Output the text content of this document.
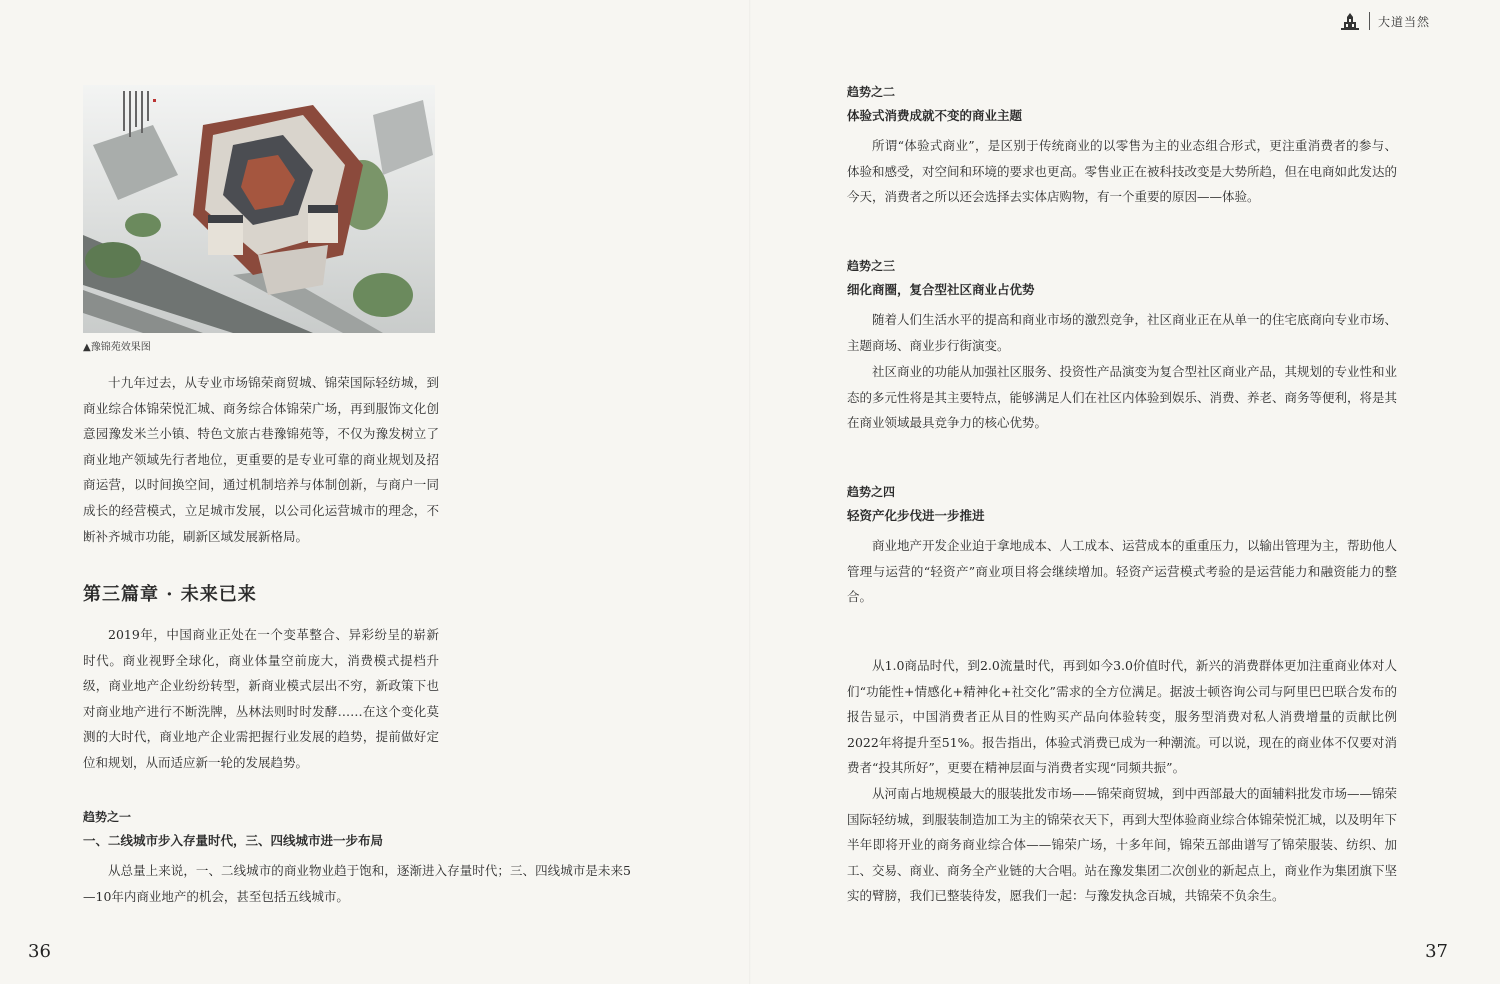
大道当然
▲豫锦苑效果图
十九年过去，从专业市场锦荣商贸城、锦荣国际轻纺城，到商业综合体锦荣悦汇城、商务综合体锦荣广场，再到服饰文化创意园豫发米兰小镇、特色文旅古巷豫锦苑等，不仅为豫发树立了商业地产领域先行者地位，更重要的是专业可靠的商业规划及招商运营，以时间换空间，通过机制培养与体制创新，与商户一同成长的经营模式，立足城市发展，以公司化运营城市的理念，不断补齐城市功能，刷新区域发展新格局。
第三篇章 · 未来已来
2019年，中国商业正处在一个变革整合、异彩纷呈的崭新时代。商业视野全球化，商业体量空前庞大，消费模式提档升级，商业地产企业纷纷转型，新商业模式层出不穷，新政策下也对商业地产进行不断洗牌，丛林法则时时发酵……在这个变化莫测的大时代，商业地产企业需把握行业发展的趋势，提前做好定位和规划，从而适应新一轮的发展趋势。
趋势之一
一、二线城市步入存量时代，三、四线城市进一步布局
从总量上来说，一、二线城市的商业物业趋于饱和，逐渐进入存量时代；三、四线城市是未来5—10年内商业地产的机会，甚至包括五线城市。
36
趋势之二
体验式消费成就不变的商业主题
所谓“体验式商业”，是区别于传统商业的以零售为主的业态组合形式，更注重消费者的参与、体验和感受，对空间和环境的要求也更高。零售业正在被科技改变是大势所趋，但在电商如此发达的今天，消费者之所以还会选择去实体店购物，有一个重要的原因——体验。
趋势之三
细化商圈，复合型社区商业占优势
随着人们生活水平的提高和商业市场的激烈竞争，社区商业正在从单一的住宅底商向专业市场、主题商场、商业步行街演变。
社区商业的功能从加强社区服务、投资性产品演变为复合型社区商业产品，其规划的专业性和业态的多元性将是其主要特点，能够满足人们在社区内体验到娱乐、消费、养老、商务等便利，将是其在商业领域最具竞争力的核心优势。
趋势之四
轻资产化步伐进一步推进
商业地产开发企业迫于拿地成本、人工成本、运营成本的重重压力，以输出管理为主，帮助他人管理与运营的“轻资产”商业项目将会继续增加。轻资产运营模式考验的是运营能力和融资能力的整合。
从1.0商品时代，到2.0流量时代，再到如今3.0价值时代，新兴的消费群体更加注重商业体对人们“功能性+情感化+精神化+社交化”需求的全方位满足。据波士顿咨询公司与阿里巴巴联合发布的报告显示，中国消费者正从目的性购买产品向体验转变，服务型消费对私人消费增量的贡献比例2022年将提升至51%。报告指出，体验式消费已成为一种潮流。可以说，现在的商业体不仅要对消费者“投其所好”，更要在精神层面与消费者实现“同频共振”。
从河南占地规模最大的服装批发市场——锦荣商贸城，到中西部最大的面辅料批发市场——锦荣国际轻纺城，到服装制造加工为主的锦荣衣天下，再到大型体验商业综合体锦荣悦汇城，以及明年下半年即将开业的商务商业综合体——锦荣广场，十多年间，锦荣五部曲谱写了锦荣服装、纺织、加工、交易、商业、商务全产业链的大合唱。站在豫发集团二次创业的新起点上，商业作为集团旗下坚实的臂膀，我们已整装待发，愿我们一起：与豫发执念百城，共锦荣不负余生。
37
